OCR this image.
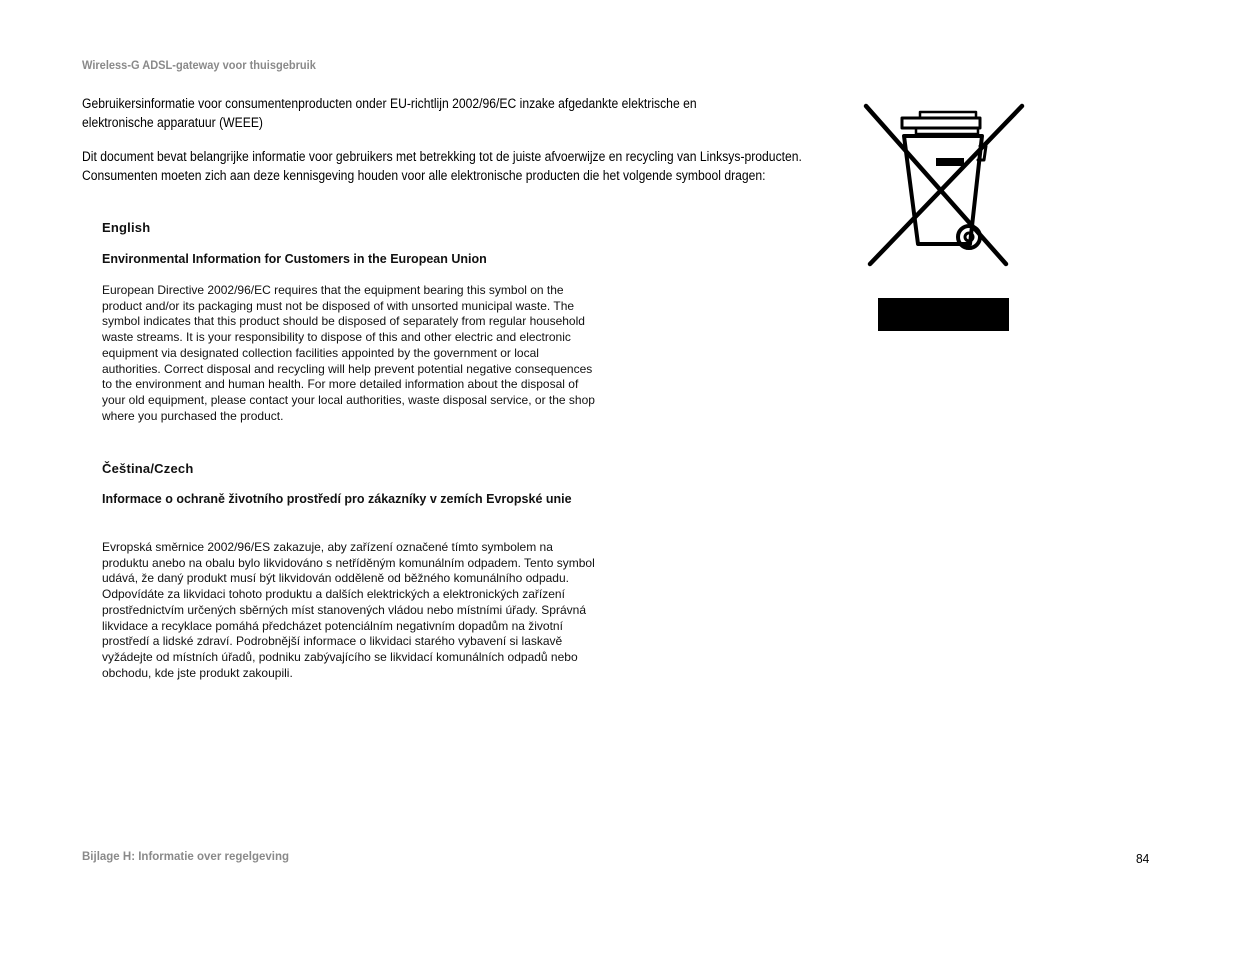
Wireless-G ADSL-gateway voor thuisgebruik
Gebruikersinformatie voor consumentenproducten onder EU-richtlijn 2002/96/EC inzake afgedankte elektrische en elektronische apparatuur (WEEE)
Dit document bevat belangrijke informatie voor gebruikers met betrekking tot de juiste afvoerwijze en recycling van Linksys-producten. Consumenten moeten zich aan deze kennisgeving houden voor alle elektronische producten die het volgende symbool dragen:
English
Environmental Information for Customers in the European Union
European Directive 2002/96/EC requires that the equipment bearing this symbol on the product and/or its packaging must not be disposed of with unsorted municipal waste. The symbol indicates that this product should be disposed of separately from regular household waste streams. It is your responsibility to dispose of this and other electric and electronic equipment via designated collection facilities appointed by the government or local authorities. Correct disposal and recycling will help prevent potential negative consequences to the environment and human health. For more detailed information about the disposal of your old equipment, please contact your local authorities, waste disposal service, or the shop where you purchased the product.
Čeština/Czech
Informace o ochraně životního prostředí pro zákazníky v zemích Evropské unie
Evropská směrnice 2002/96/ES zakazuje, aby zařízení označené tímto symbolem na produktu anebo na obalu bylo likvidováno s netříděným komunálním odpadem. Tento symbol udává, že daný produkt musí být likvidován odděleně od běžného komunálního odpadu. Odpovídáte za likvidaci tohoto produktu a dalších elektrických a elektronických zařízení prostřednictvím určených sběrných míst stanovených vládou nebo místními úřady. Správná likvidace a recyklace pomáhá předcházet potenciálním negativním dopadům na životní prostředí a lidské zdraví. Podrobnější informace o likvidaci starého vybavení si laskavě vyžádejte od místních úřadů, podniku zabývajícího se likvidací komunálních odpadů nebo obchodu, kde jste produkt zakoupili.
Bijlage H: Informatie over regelgeving	84
